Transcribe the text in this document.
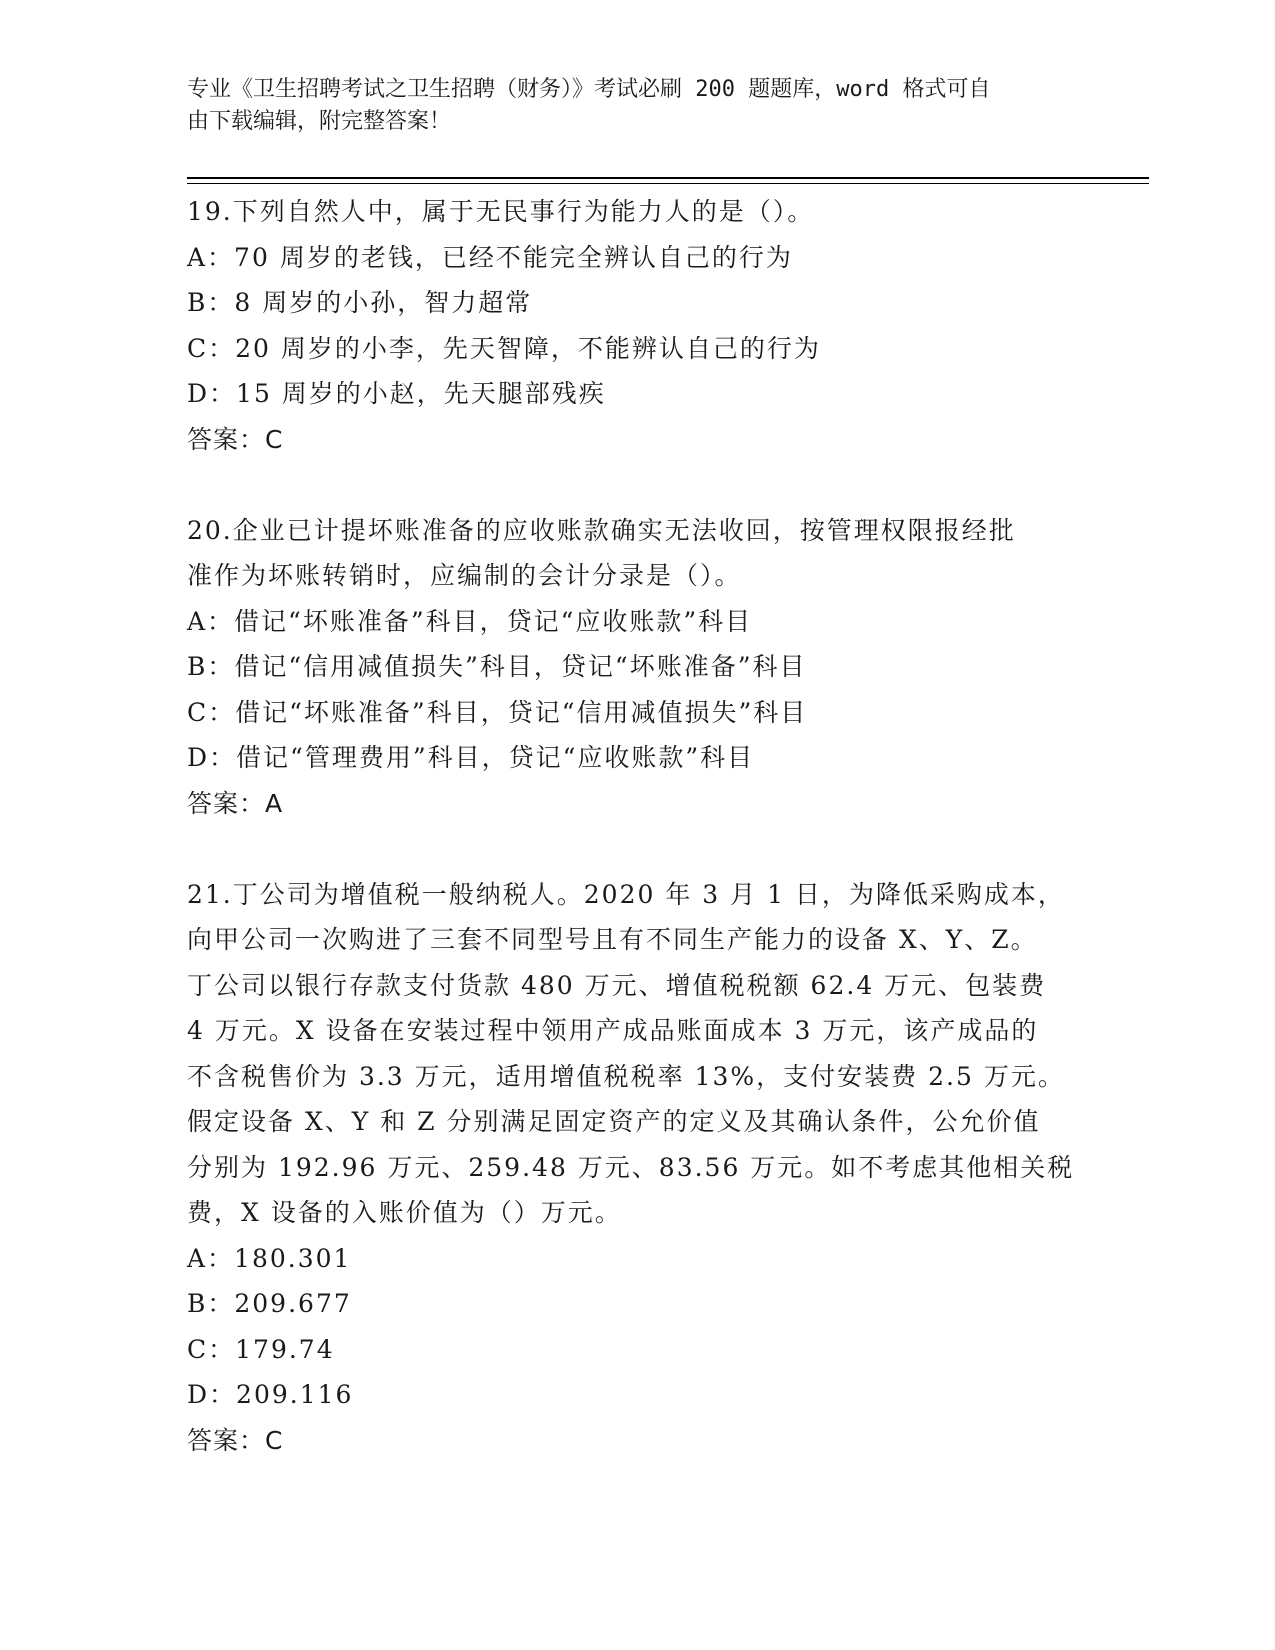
专业《卫生招聘考试之卫生招聘（财务）》考试必刷 200 题题库，word 格式可自
由下载编辑，附完整答案！
19.下列自然人中，属于无民事行为能力人的是（）。
A：70 周岁的老钱，已经不能完全辨认自己的行为
B：8 周岁的小孙，智力超常
C：20 周岁的小李，先天智障，不能辨认自己的行为
D：15 周岁的小赵，先天腿部残疾
答案：C
20.企业已计提坏账准备的应收账款确实无法收回，按管理权限报经批
准作为坏账转销时，应编制的会计分录是（）。
A：借记“坏账准备”科目，贷记“应收账款”科目
B：借记“信用减值损失”科目，贷记“坏账准备”科目
C：借记“坏账准备”科目，贷记“信用减值损失”科目
D：借记“管理费用”科目，贷记“应收账款”科目
答案：A
21.丁公司为增值税一般纳税人。2020 年 3 月 1 日，为降低采购成本，
向甲公司一次购进了三套不同型号且有不同生产能力的设备 X、Y、Z。
丁公司以银行存款支付货款 480 万元、增值税税额 62.4 万元、包装费
4 万元。X 设备在安装过程中领用产成品账面成本 3 万元，该产成品的
不含税售价为 3.3 万元，适用增值税税率 13%，支付安装费 2.5 万元。
假定设备 X、Y 和 Z 分别满足固定资产的定义及其确认条件，公允价值
分别为 192.96 万元、259.48 万元、83.56 万元。如不考虑其他相关税
费，X 设备的入账价值为（）万元。
A：180.301
B：209.677
C：179.74
D：209.116
答案：C
